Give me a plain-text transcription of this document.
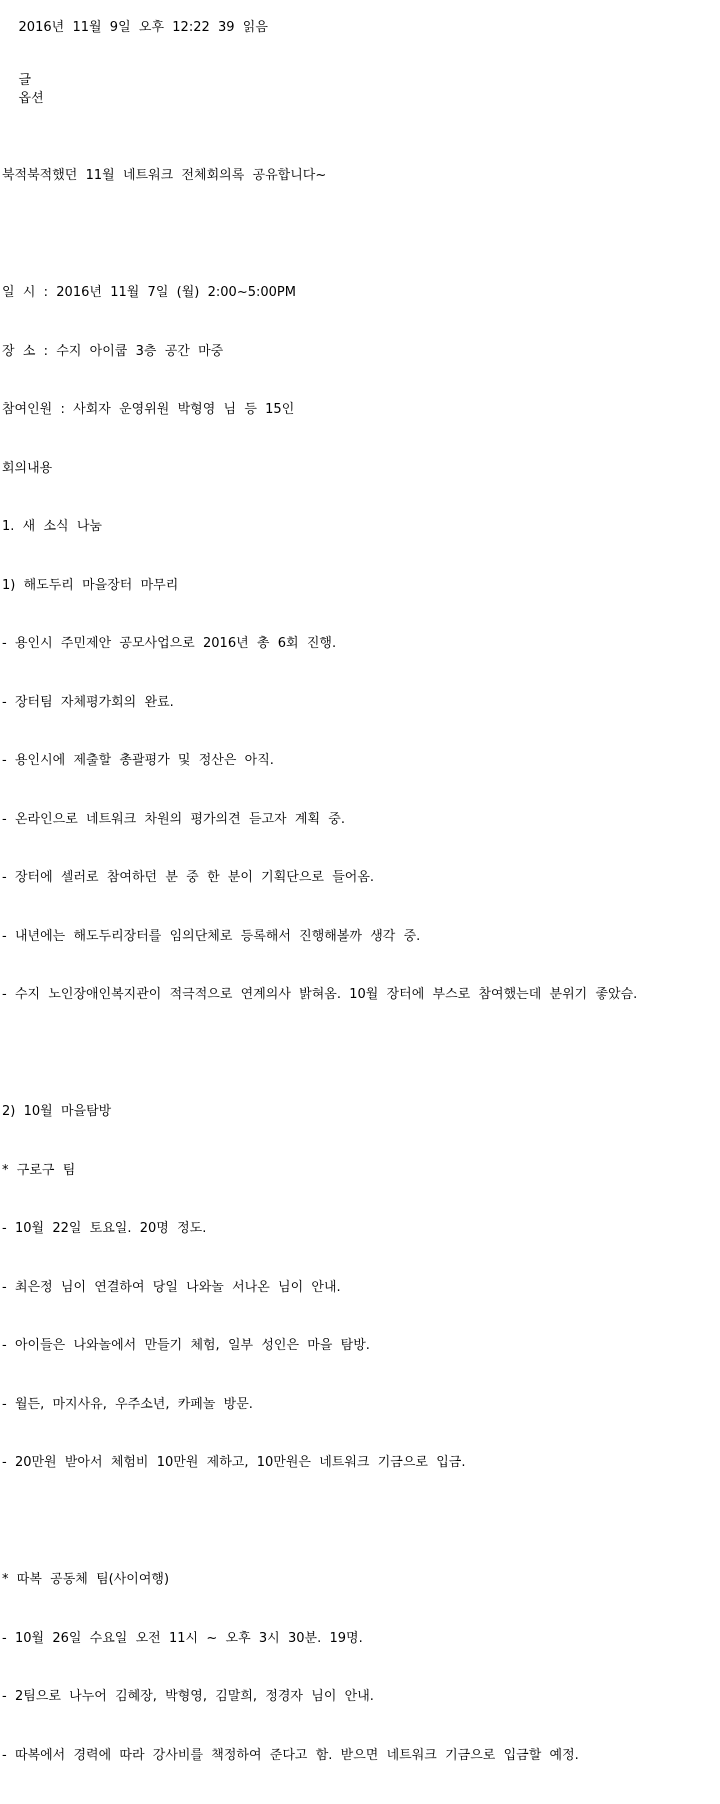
2016년  11월  9일  오후  12:22  39  읽음

글
옵션

북적북적했던  11월  네트워크  전체회의록  공유합니다~

일  시  :  2016년  11월  7일  (월)  2:00~5:00PM

장  소  :  수지  아이쿱  3층  공간  마중

참여인원  :  사회자  운영위원  박형영  님  등  15인

회의내용

1.  새  소식  나눔

1)  해도두리  마을장터  마무리

-  용인시  주민제안  공모사업으로  2016년  총  6회  진행.

-  장터팀  자체평가회의  완료.

-  용인시에  제출할  총괄평가  및  정산은  아직.

-  온라인으로  네트워크  차원의  평가의견  듣고자  계획  중.

-  장터에  셀러로  참여하던  분  중  한  분이  기획단으로  들어옴.

-  내년에는  해도두리장터를  임의단체로  등록해서  진행해볼까  생각  중.

-  수지  노인장애인복지관이  적극적으로  연계의사  밝혀옴.  10월  장터에  부스로  참여했는데  분위기  좋았슴.

2)  10월  마을탐방

*  구로구  팀

-  10월  22일  토요일.  20명  정도.

-  최은정  님이  연결하여  당일  나와놀  서나온  님이  안내.

-  아이들은  나와놀에서  만들기  체험,  일부  성인은  마을  탐방.

-  월든,  마지사유,  우주소년,  카페놀  방문.

-  20만원  받아서  체험비  10만원  제하고,  10만원은  네트워크  기금으로  입금.

*  따복  공동체  팀(사이여행)

-  10월  26일  수요일  오전  11시  ~  오후  3시  30분.  19명.

-  2팀으로  나누어  김혜장,  박형영,  김말희,  정경자  님이  안내.

-  따복에서  경력에  따라  강사비를  책정하여  준다고  함.  받으면  네트워크  기금으로  입금할  예정.
